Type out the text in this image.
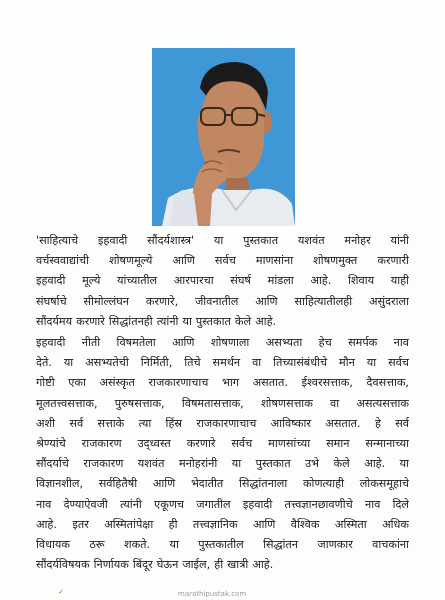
'साहित्याचे इहवादी सौंदर्यशास्त्र' या पुस्तकात यशवंत मनोहर यांनी
वर्चस्ववाद्यांची शोषणमूल्ये आणि सर्वच माणसांना शोषणमुक्त करणारी
इहवादी मूल्ये यांच्यातील आरपारचा संघर्ष मांडला आहे. शिवाय याही
संघर्षाचे सीमोल्लंघन करणारे, जीवनातील आणि साहित्यातीलही असुंदराला
सौंदर्यमय करणारे सिद्धांतनही त्यांनी या पुस्तकात केले आहे.
इहवादी नीती विषमतेला आणि शोषणाला असभ्यता हेच समर्पक नाव
देते. या असभ्यतेची निर्मिती, तिचे समर्थन वा तिच्यासंबंधीचे मौन या सर्वच
गोष्टी एका असंस्कृत राजकारणाचाच भाग असतात. ईश्वरसत्ताक, दैवसत्ताक,
मूलतत्त्वसत्ताक, पुरुषसत्ताक, विषमतासत्ताक, शोषणसत्ताक वा असत्यसत्ताक
अशी सर्व सत्ताके त्या हिंस्र राजकारणाचाच आविष्कार असतात. हे सर्व
श्रेण्यांचे राजकारण उद्ध्वस्त करणारे सर्वच माणसांच्या समान सन्मानाच्या
सौंदर्याचे राजकारण यशवंत मनोहरांनी या पुस्तकात उभे केले आहे. या
विज्ञानशील, सर्वहितैषी आणि भेदातीत सिद्धांतनाला कोणत्याही लोकसमूहाचे
नाव देण्याऐवजी त्यांनी एकूणच जगातील इहवादी तत्त्वज्ञानछावणीचे नाव दिले
आहे. इतर अस्मितांपेक्षा ही तत्त्वज्ञानिक आणि वैश्विक अस्मिता अधिक
विधायक ठरू शकते. या पुस्तकातील सिद्धांतन जाणकार वाचकांना
सौंदर्यविषयक निर्णायक बिंदूर घेऊन जाईल, ही खात्री आहे.
✓	marathipustak.com
